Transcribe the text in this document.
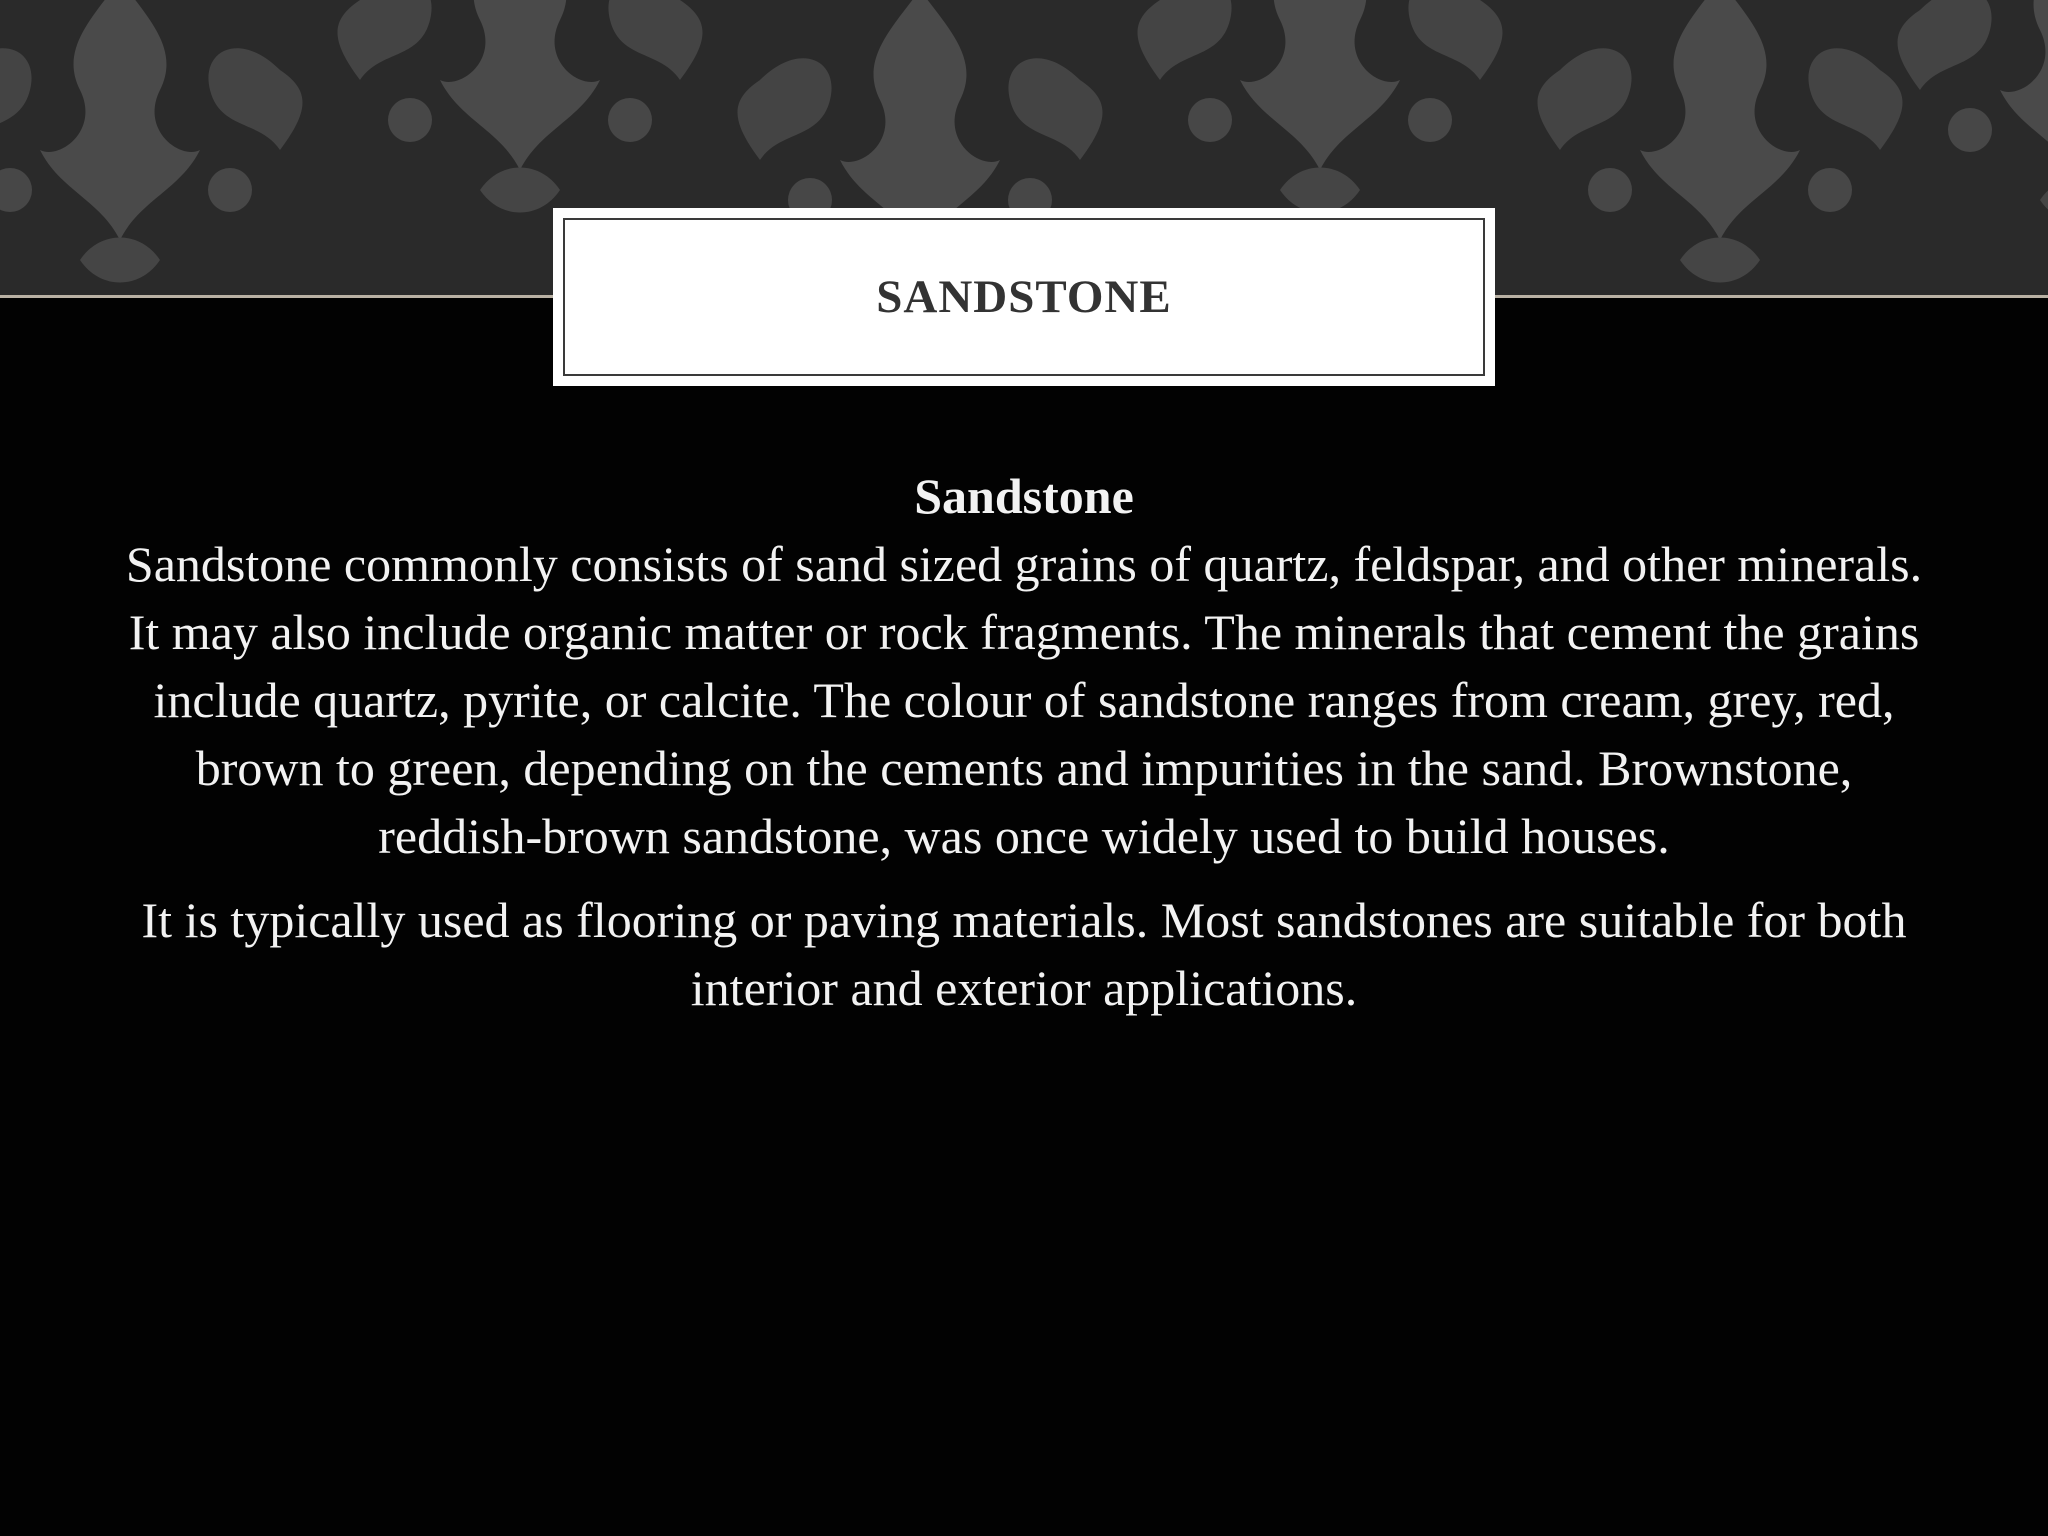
SANDSTONE
Sandstone

Sandstone commonly consists of sand sized grains of quartz, feldspar, and other minerals. It may also include organic matter or rock fragments. The minerals that cement the grains include quartz, pyrite, or calcite. The colour of sandstone ranges from cream, grey, red, brown to green, depending on the cements and impurities in the sand. Brownstone, reddish-brown sandstone, was once widely used to build houses.

It is typically used as flooring or paving materials. Most sandstones are suitable for both interior and exterior applications.
